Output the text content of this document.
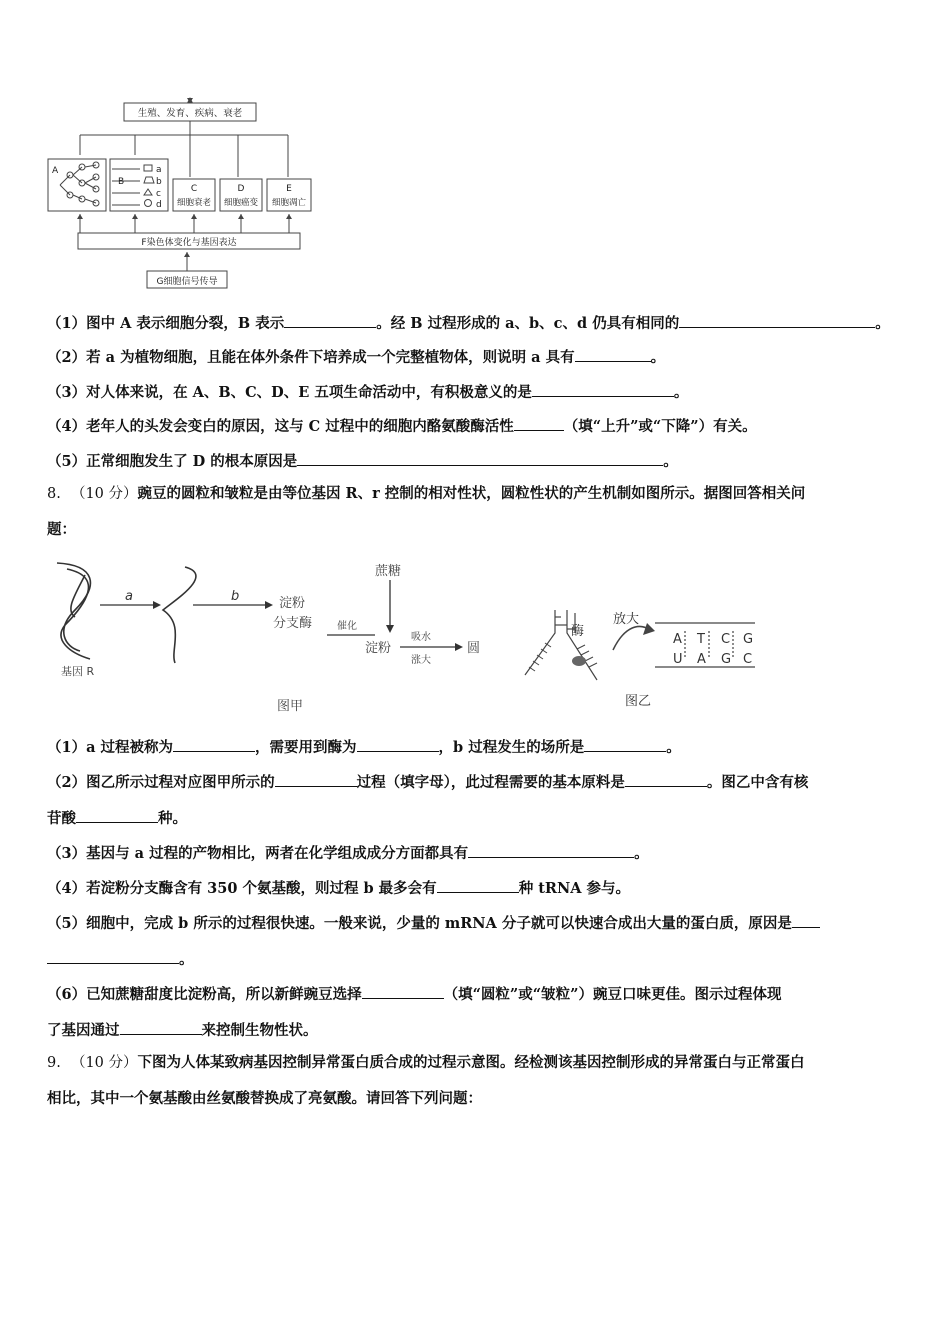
生殖、发育、疾病、衰老
A
B
a
b
c
d
C
细胞衰老
D
细胞癌变
E
细胞凋亡
F染色体变化与基因表达
G细胞信号传导
（1）图中 A 表示细胞分裂，B 表示	。经 B 过程形成的 a、b、c、d 仍具有相同的	。
（2）若 a 为植物细胞，且能在体外条件下培养成一个完整植物体，则说明 a 具有	。
（3）对人体来说，在 A、B、C、D、E 五项生命活动中，有积极意义的是	。
（4）老年人的头发会变白的原因，这与 C 过程中的细胞内酪氨酸酶活性	（填“上升”或“下降”）有关。
（5）正常细胞发生了 D 的根本原因是	。
8. （10 分）豌豆的圆粒和皱粒是由等位基因 R、r 控制的相对性状，圆粒性状的产生机制如图所示。据图回答相关问
题：
基因 R
a	b	淀粉
分支酶 催化
蔗糖
淀粉
吸水
涨大
圆
图甲
酶
放大
A T C G
U A G C
图乙
（1）a 过程被称为	，需要用到酶为	，b 过程发生的场所是	。
（2）图乙所示过程对应图甲所示的	过程（填字母），此过程需要的基本原料是	。图乙中含有核
苷酸	种。
（3）基因与 a 过程的产物相比，两者在化学组成成分方面都具有	。
（4）若淀粉分支酶含有 350 个氨基酸，则过程 b 最多会有	种 tRNA 参与。
（5）细胞中，完成 b 所示的过程很快速。一般来说，少量的 mRNA 分子就可以快速合成出大量的蛋白质，原因是
。
（6）已知蔗糖甜度比淀粉高，所以新鲜豌豆选择	（填“圆粒”或“皱粒”）豌豆口味更佳。图示过程体现
了基因通过	来控制生物性状。
9. （10 分）下图为人体某致病基因控制异常蛋白质合成的过程示意图。经检测该基因控制形成的异常蛋白与正常蛋白
相比，其中一个氨基酸由丝氨酸替换成了亮氨酸。请回答下列问题：
